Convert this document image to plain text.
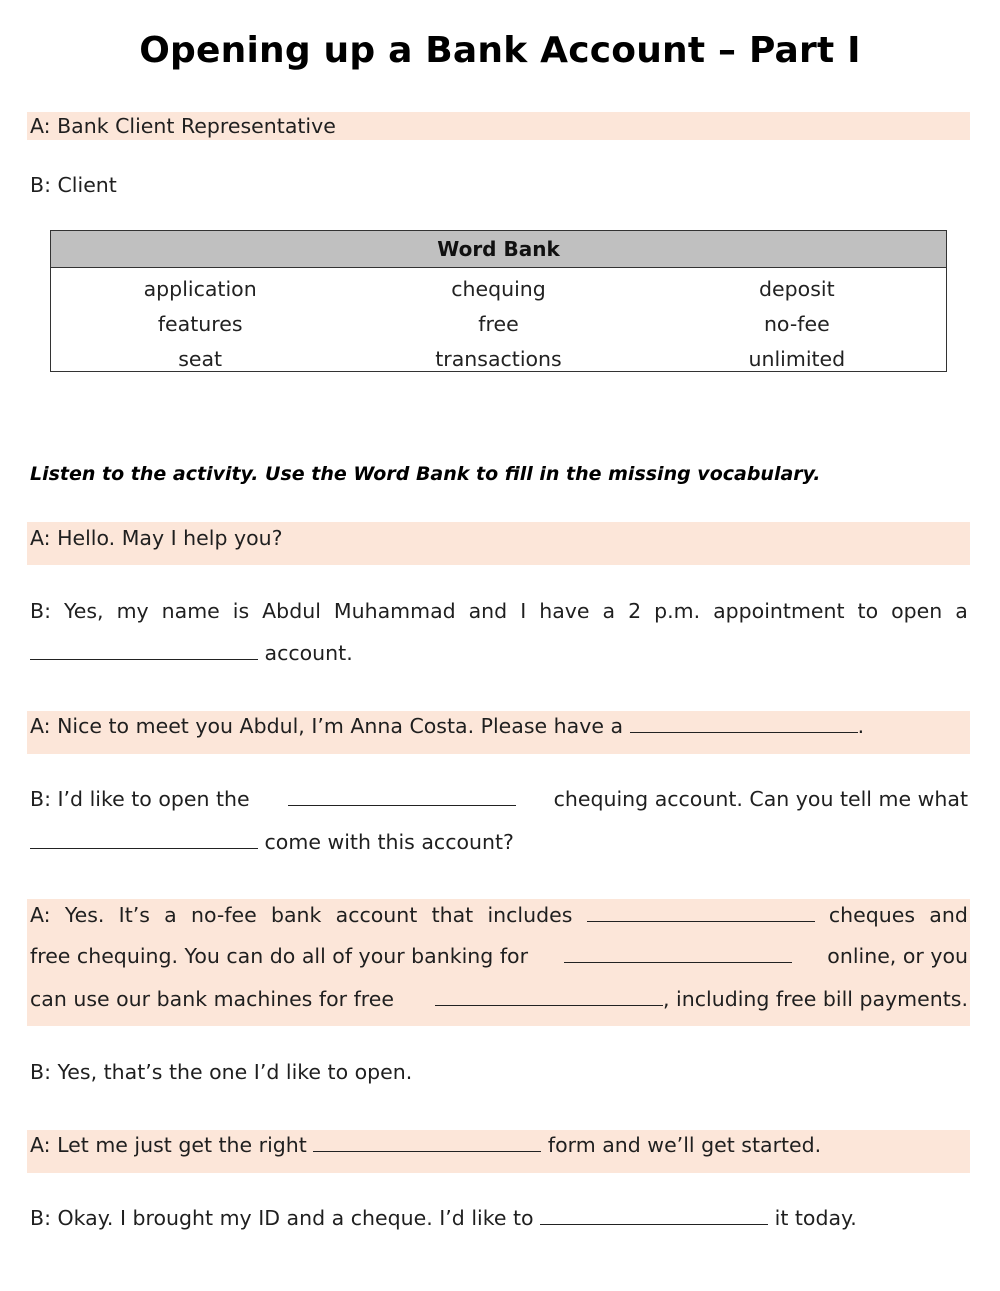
Opening up a Bank Account – Part I
A: Bank Client Representative
B: Client
Word Bank
application	chequing	deposit
features	free	no-fee
seat	transactions	unlimited
Listen to the activity. Use the Word Bank to fill in the missing vocabulary.
A: Hello. May I help you?
B: Yes, my name is Abdul Muhammad and I have a 2 p.m. appointment to open a
account.
A: Nice to meet you Abdul, I’m Anna Costa. Please have a	.
B: I’d like to open the	chequing account. Can you tell me what
come with this account?
A: Yes. It’s a no-fee bank account that includes	cheques and
free chequing. You can do all of your banking for	online, or you
can use our bank machines for free	, including free bill payments.
B: Yes, that’s the one I’d like to open.
A: Let me just get the right	form and we’ll get started.
B: Okay. I brought my ID and a cheque. I’d like to	it today.
